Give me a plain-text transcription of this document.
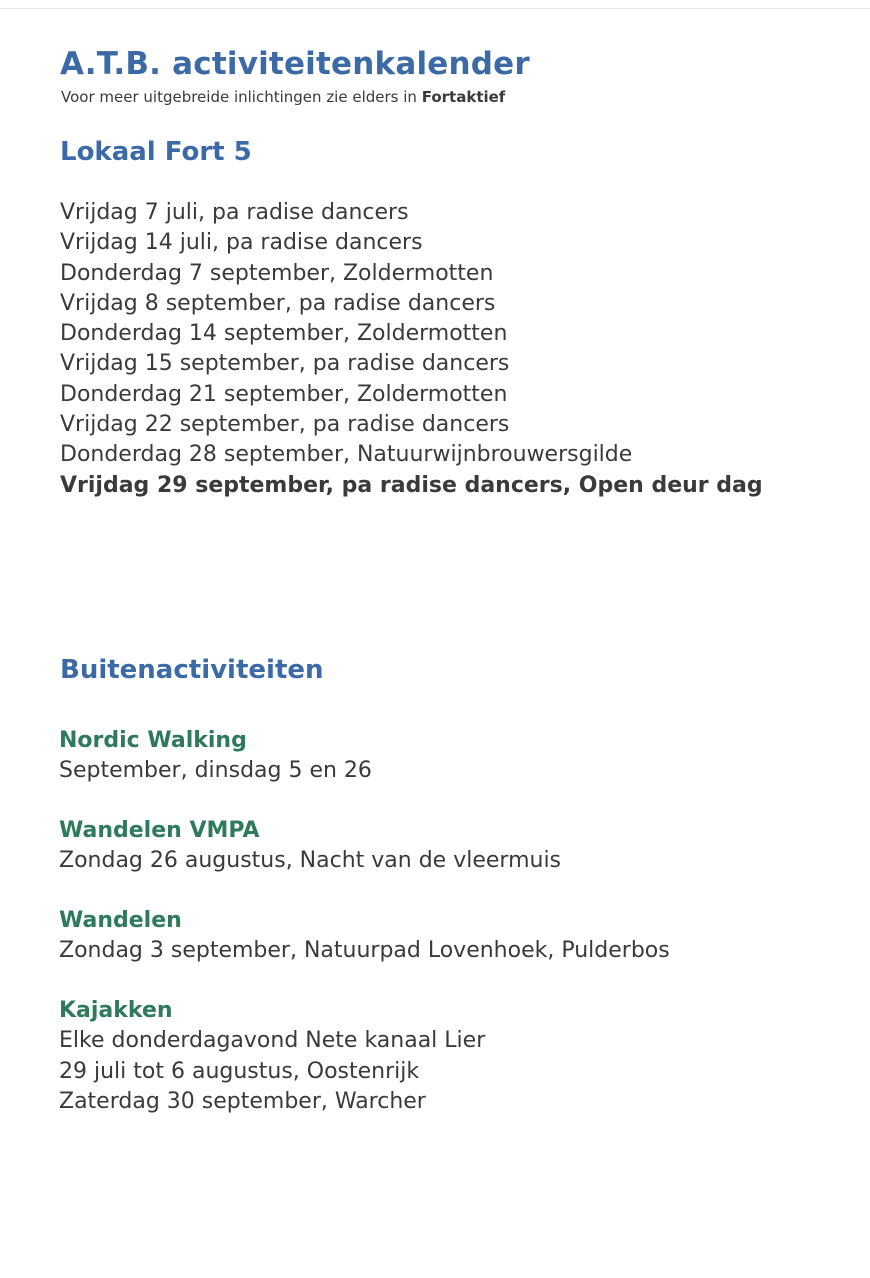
A.T.B. activiteitenkalender

Voor meer uitgebreide inlichtingen zie elders in Fortaktief

Lokaal Fort 5
Vrijdag 7 juli, pa radise dancers
Vrijdag 14 juli, pa radise dancers
Donderdag 7 september, Zoldermotten
Vrijdag 8 september, pa radise dancers
Donderdag 14 september, Zoldermotten
Vrijdag 15 september, pa radise dancers
Donderdag 21 september, Zoldermotten
Vrijdag 22 september, pa radise dancers
Donderdag 28 september, Natuurwijnbrouwersgilde
Vrijdag 29 september, pa radise dancers, Open deur dag
Buitenactiviteiten
Nordic Walking
September, dinsdag 5 en 26
Wandelen VMPA
Zondag 26 augustus, Nacht van de vleermuis
Wandelen
Zondag 3 september, Natuurpad Lovenhoek, Pulderbos
Kajakken
Elke donderdagavond Nete kanaal Lier
29 juli tot 6 augustus, Oostenrijk
Zaterdag 30 september, Warcher
